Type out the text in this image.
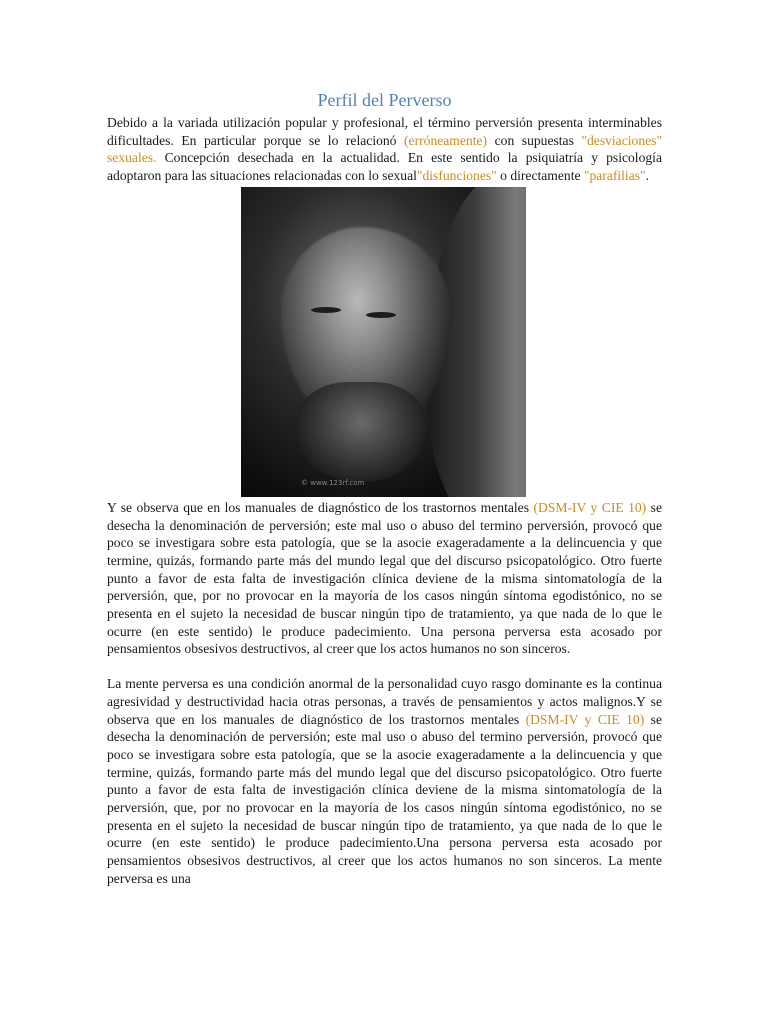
Perfil del Perverso

Debido a la variada utilización popular y profesional, el término perversión presenta interminables dificultades. En particular porque se lo relacionó (erróneamente) con supuestas "desviaciones" sexuales. Concepción desechada en la actualidad. En este sentido la psiquiatría y psicología adoptaron para las situaciones relacionadas con lo sexual"disfunciones" o directamente "parafilias".

© www.123rf.com

Y se observa que en los manuales de diagnóstico de los trastornos mentales (DSM-IV y CIE 10) se desecha la denominación de perversión; este mal uso o abuso del termino perversión, provocó que poco se investigara sobre esta patología, que se la asocie exageradamente a la delincuencia y que termine, quizás, formando parte más del mundo legal que del discurso psicopatológico. Otro fuerte punto a favor de esta falta de investigación clínica deviene de la misma sintomatología de la perversión, que, por no provocar en la mayoría de los casos ningún síntoma egodistónico, no se presenta en el sujeto la necesidad de buscar ningún tipo de tratamiento, ya que nada de lo que le ocurre (en este sentido) le produce padecimiento. Una persona perversa esta acosado por pensamientos obsesivos destructivos, al creer que los actos humanos no son sinceros.

La mente perversa es una condición anormal de la personalidad cuyo rasgo dominante es la continua agresividad y destructividad hacia otras personas, a través de pensamientos y actos malignos.Y se observa que en los manuales de diagnóstico de los trastornos mentales (DSM-IV y CIE 10) se desecha la denominación de perversión; este mal uso o abuso del termino perversión, provocó que poco se investigara sobre esta patología, que se la asocie exageradamente a la delincuencia y que termine, quizás, formando parte más del mundo legal que del discurso psicopatológico. Otro fuerte punto a favor de esta falta de investigación clínica deviene de la misma sintomatología de la perversión, que, por no provocar en la mayoría de los casos ningún síntoma egodistónico, no se presenta en el sujeto la necesidad de buscar ningún tipo de tratamiento, ya que nada de lo que le ocurre (en este sentido) le produce padecimiento.Una persona perversa esta acosado por pensamientos obsesivos destructivos, al creer que los actos humanos no son sinceros. La mente perversa es una
